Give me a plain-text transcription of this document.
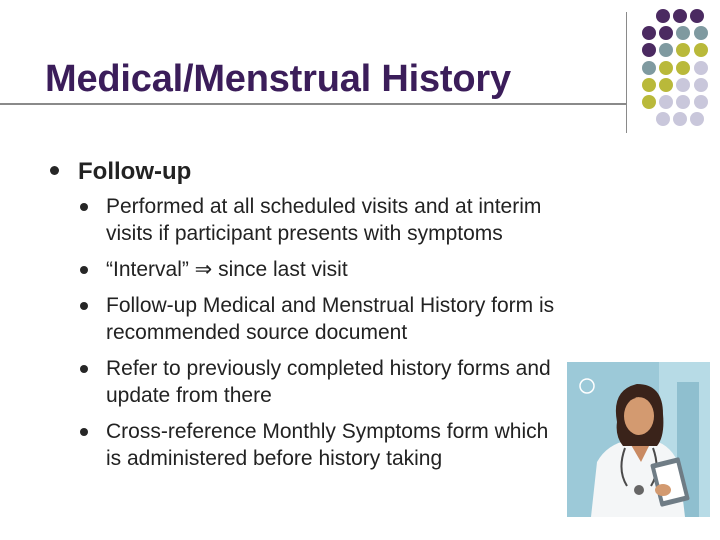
Medical/Menstrual History
Follow-up
Performed at all scheduled visits and at interim visits if participant presents with symptoms
“Interval” ⇒ since last visit
Follow-up Medical and Menstrual History form is recommended source document
Refer to previously completed history forms and update from there
Cross-reference Monthly Symptoms form which is administered before history taking
